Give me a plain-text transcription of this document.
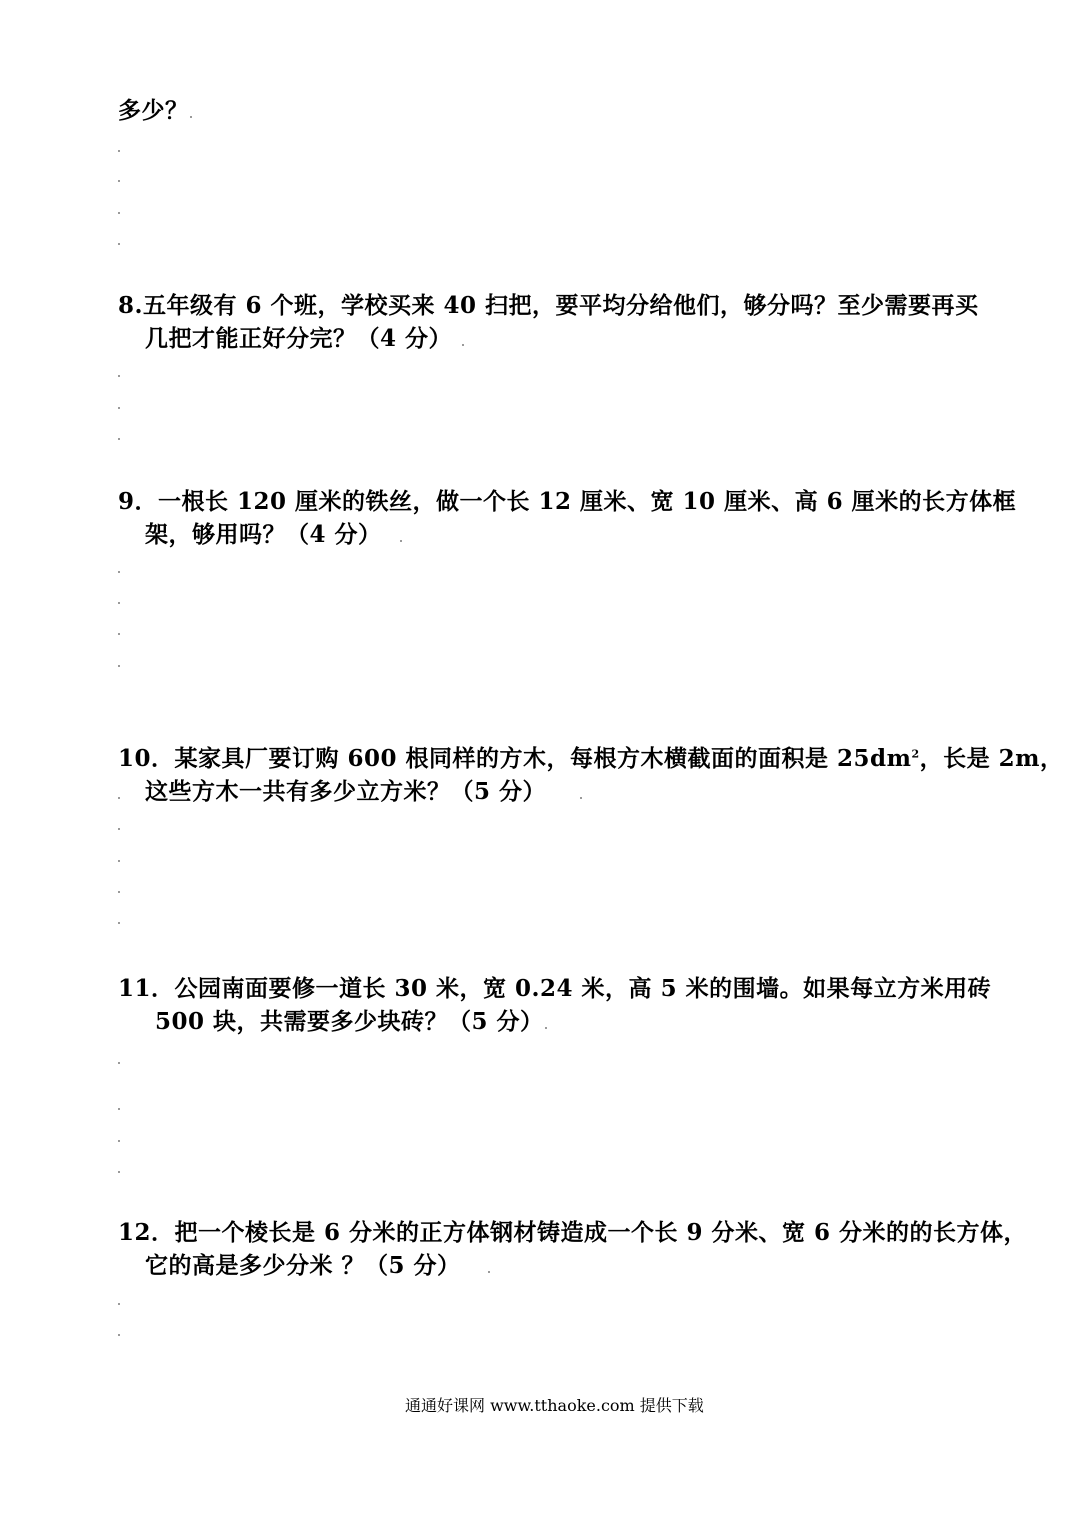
多少？
8.五年级有 6 个班，学校买来 40 扫把，要平均分给他们，够分吗？至少需要再买
几把才能正好分完？（4 分）
9．一根长 120 厘米的铁丝，做一个长 12 厘米、宽 10 厘米、高 6 厘米的长方体框
架，够用吗？（4 分）
10．某家具厂要订购 600 根同样的方木，每根方木横截面的面积是 $25dm^2$，长是 2m，
这些方木一共有多少立方米？（5 分）
11．公园南面要修一道长 30 米，宽 0.24 米，高 5 米的围墙。如果每立方米用砖
500 块，共需要多少块砖？（5 分）
12．把一个棱长是 6 分米的正方体钢材铸造成一个长 9 分米、宽 6 分米的的长方体，
它的高是多少分米 ？（5 分）
通通好课网 www.tthaoke.com 提供下载
